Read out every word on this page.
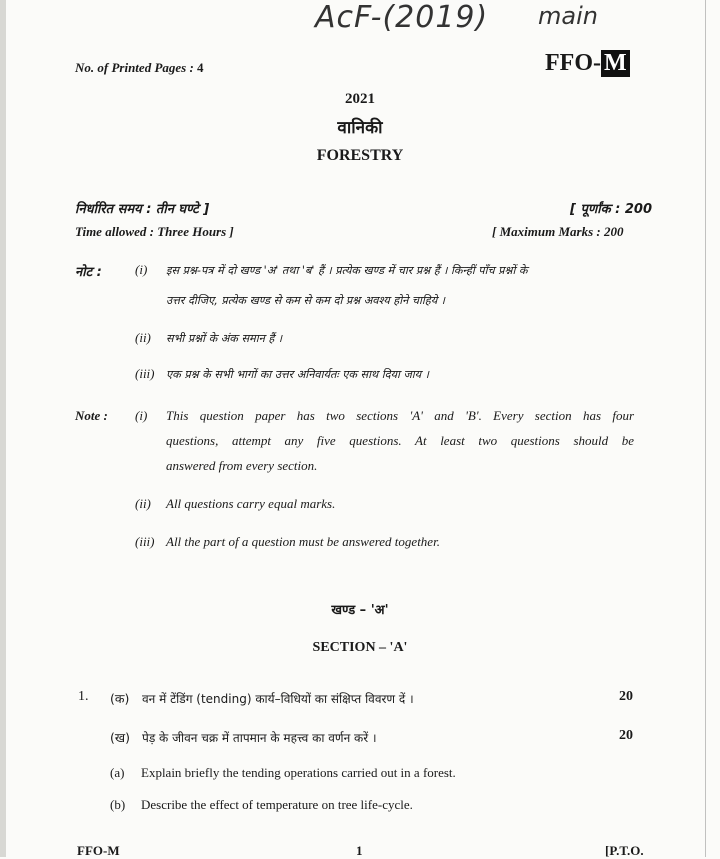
AcF-(2019) main
No. of Printed Pages : 4	FFO- M
2021
वानिकी
FORESTRY
निर्धारित समय : तीन घण्टे ]	[ पूर्णांक : 200
Time allowed : Three Hours ]	[ Maximum Marks : 200
नोट :	(i) इस प्रश्न-पत्र में दो खण्ड 'अ' तथा 'ब' हैं । प्रत्येक खण्ड में चार प्रश्न हैं । किन्हीं पाँच प्रश्नों के
उत्तर दीजिए, प्रत्येक खण्ड से कम से कम दो प्रश्न अवश्य होने चाहिये ।
(ii) सभी प्रश्नों के अंक समान हैं ।
(iii) एक प्रश्न के सभी भागों का उत्तर अनिवार्यतः एक साथ दिया जाय ।
Note : (i) This question paper has two sections 'A' and 'B'. Every section has four
questions, attempt any five questions. At least two questions should be
answered from every section.
(ii) All questions carry equal marks.
(iii) All the part of a question must be answered together.
खण्ड – 'अ'
SECTION – 'A'
1. (क) वन में टेंडिंग (tending) कार्य–विधियों का संक्षिप्त विवरण दें ।	20
(ख) पेड़ के जीवन चक्र में तापमान के महत्त्व का वर्णन करें ।	20
(a) Explain briefly the tending operations carried out in a forest.
(b) Describe the effect of temperature on tree life-cycle.
FFO-M	1	[P.T.O.
